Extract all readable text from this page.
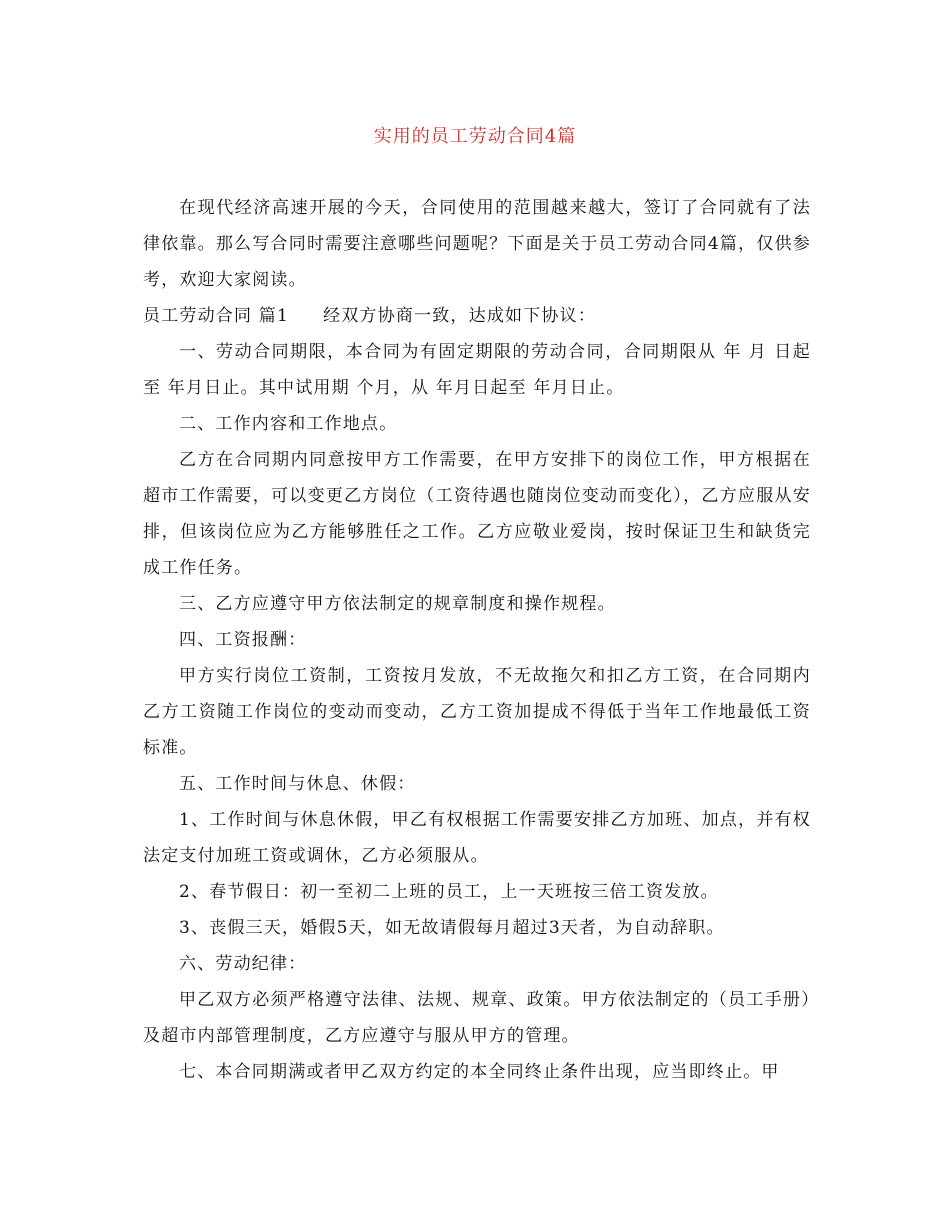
实用的员工劳动合同4篇

在现代经济高速开展的今天，合同使用的范围越来越大，签订了合同就有了法律依靠。那么写合同时需要注意哪些问题呢？下面是关于员工劳动合同4篇，仅供参考，欢迎大家阅读。

员工劳动合同 篇1 经双方协商一致，达成如下协议：

一、劳动合同期限，本合同为有固定期限的劳动合同，合同期限从 年 月 日起至 年月日止。其中试用期 个月，从 年月日起至 年月日止。

二、工作内容和工作地点。

乙方在合同期内同意按甲方工作需要，在甲方安排下的岗位工作，甲方根据在超市工作需要，可以变更乙方岗位（工资待遇也随岗位变动而变化），乙方应服从安排，但该岗位应为乙方能够胜任之工作。乙方应敬业爱岗，按时保证卫生和缺货完成工作任务。

三、乙方应遵守甲方依法制定的规章制度和操作规程。

四、工资报酬：

甲方实行岗位工资制，工资按月发放，不无故拖欠和扣乙方工资，在合同期内乙方工资随工作岗位的变动而变动，乙方工资加提成不得低于当年工作地最低工资标准。

五、工作时间与休息、休假：

1、工作时间与休息休假，甲乙有权根据工作需要安排乙方加班、加点，并有权法定支付加班工资或调休，乙方必须服从。

2、春节假日：初一至初二上班的员工，上一天班按三倍工资发放。

3、丧假三天，婚假5天，如无故请假每月超过3天者，为自动辞职。

六、劳动纪律：

甲乙双方必须严格遵守法律、法规、规章、政策。甲方依法制定的（员工手册）及超市内部管理制度，乙方应遵守与服从甲方的管理。

七、本合同期满或者甲乙双方约定的本全同终止条件出现，应当即终止。甲
